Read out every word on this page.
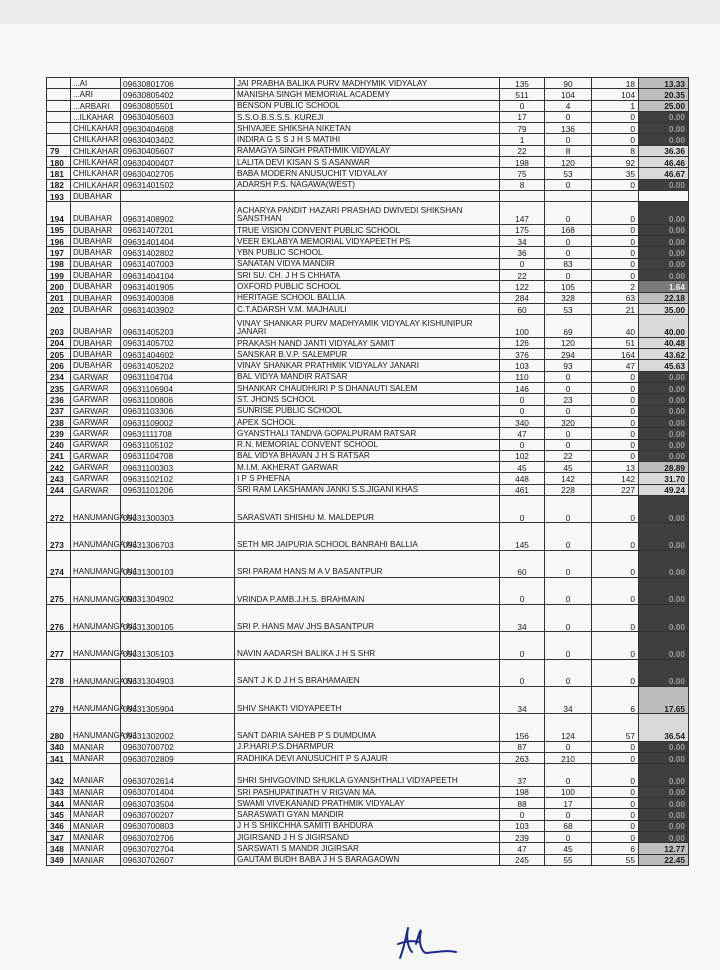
	...AI	09630801706	JAI PRABHA BALIKA PURV MADHYMIK VIDYALAY	135	90	18	13.33
	...ARI	09630805402	MANISHA SINGH MEMORIAL ACADEMY	511	104	104	20.35
	...ARBARI	09630805501	BENSON PUBLIC SCHOOL	0	4	1	25.00
	...ILKAHAR	09630405603	S.S.O.B.S.S.S. KUREJI	17	0	0	0.00
	CHILKAHAR	09630404608	SHIVAJEE SHIKSHA NIKETAN	79	136	0	0.00
	CHILKAHAR	09630403402	INDIRA G S S J H S MATIHI	1	0	0	0.00
79	CHILKAHAR	09630405607	RAMAGYA SINGH PRATHMIK VIDYALAY	22	8	8	36.36
180	CHILKAHAR	09630400407	LALITA DEVI KISAN S S ASANWAR	198	120	92	46.46
181	CHILKAHAR	09630402705	BABA MODERN ANUSUCHIT VIDYALAY	75	53	35	46.67
182	CHILKAHAR	09631401502	ADARSH P.S. NAGAWA(WEST)	8	0	0	0.00
193	DUBAHAR						
194	DUBAHAR	09631408902	ACHARYA PANDIT HAZARI PRASHAD DWIVEDI SHIKSHAN SANSTHAN	147	0	0	0.00
195	DUBAHAR	09631407201	TRUE VISION CONVENT PUBLIC SCHOOL	175	168	0	0.00
196	DUBAHAR	09631401404	VEER EKLABYA MEMORIAL VIDYAPEETH PS	34	0	0	0.00
197	DUBAHAR	09631402802	YBN PUBLIC SCHOOL	36	0	0	0.00
198	DUBAHAR	09631407003	SANATAN VIDYA MANDIR	0	83	0	0.00
199	DUBAHAR	09631404104	SRI SU. CH. J H S CHHATA	22	0	0	0.00
200	DUBAHAR	09631401905	OXFORD PUBLIC SCHOOL	122	105	2	1.64
201	DUBAHAR	09631400308	HERITAGE SCHOOL BALLIA	284	328	63	22.18
202	DUBAHAR	09631403902	C.T.ADARSH V.M. MAJHAULI	60	53	21	35.00
203	DUBAHAR	09631405203	VINAY SHANKAR PURV MADHYAMIK VIDYALAY KISHUNIPUR JANARI	100	69	40	40.00
204	DUBAHAR	09631405702	PRAKASH NAND JANTI VIDYALAY SAMIT	126	120	51	40.48
205	DUBAHAR	09631404602	SANSKAR B.V.P. SALEMPUR	376	294	164	43.62
206	DUBAHAR	09631405202	VINAY SHANKAR PRATHMIK VIDYALAY JANARI	103	93	47	45.63
234	GARWAR	09631104704	BAL VIDYA MANDIR RATSAR	110	0	0	0.00
235	GARWAR	09631106904	SHANKAR CHAUDHURI P S DHANAUTI SALEM	146	0	0	0.00
236	GARWAR	09631100806	ST. JHONS SCHOOL	0	23	0	0.00
237	GARWAR	09631103306	SUNRISE PUBLIC SCHOOL	0	0	0	0.00
238	GARWAR	09631109002	APEX SCHOOL	340	320	0	0.00
239	GARWAR	09631111708	GYANSTHALI TANDVA GOPALPURAM RATSAR	47	0	0	0.00
240	GARWAR	09631105102	R.N. MEMORIAL CONVENT SCHOOL	0	0	0	0.00
241	GARWAR	09631104708	BAL VIDYA BHAVAN J H S RATSAR	102	22	0	0.00
242	GARWAR	09631100303	M.I.M. AKHERAT GARWAR	45	45	13	28.89
243	GARWAR	09631102102	I P S PHEFNA	448	142	142	31.70
244	GARWAR	09631101206	SRI RAM LAKSHAMAN JANKI S.S.JIGANI KHAS	461	228	227	49.24
272	HANUMANGA NJ	09631300303	SARASVATI SHISHU M. MALDEPUR	0	0	0	0.00
273	HANUMANGA NJ	09631306703	SETH MR JAIPURIA SCHOOL BANRAHI BALLIA	145	0	0	0.00
274	HANUMANGA NJ	09631300103	SRI PARAM HANS M A V BASANTPUR	60	0	0	0.00
275	HANUMANGA NJ	09631304902	VRINDA P.AMB.J.H.S. BRAHMAIN	0	0	0	0.00
276	HANUMANGA NJ	09631300105	SRI P. HANS MAV JHS BASANTPUR	34	0	0	0.00
277	HANUMANGA NJ	09631305103	NAVIN AADARSH BALIKA J H S SHR	0	0	0	0.00
278	HANUMANGA NJ	09631304903	SANT J K D J H S BRAHAMAIEN	0	0	0	0.00
279	HANUMANGA NJ	09631305904	SHIV SHAKTI VIDYAPEETH	34	34	6	17.65
280	HANUMANGA NJ	09631302002	SANT DARIA SAHEB P S DUMDUMA	156	124	57	36.54
340	MANIAR	09630700702	J.P.HARI.P.S.DHARMPUR	87	0	0	0.00
341	MANIAR	09630702809	RADHIKA DEVI ANUSUCHIT P S AJAUR	263	210	0	0.00
342	MANIAR	09630702614	SHRI SHIVGOVIND SHUKLA GYANSHTHALI VIDYAPEETH	37	0	0	0.00
343	MANIAR	09630701404	SRI PASHUPATINATH V RIGVAN MA.	198	100	0	0.00
344	MANIAR	09630703504	SWAMI VIVEKANAND PRATHMIK VIDYALAY	88	17	0	0.00
345	MANIAR	09630700207	SARASWATI GYAN MANDIR	0	0	0	0.00
346	MANIAR	09630700803	J H S SHIKCHHA SAMITI BAHDURA	103	68	0	0.00
347	MANIAR	09630702706	JIGIRSAND J H S JIGIRSAND	239	0	0	0.00
348	MANIAR	09630702704	SARSWATI S MANDR JIGIRSAR	47	45	6	12.77
349	MANIAR	09630702607	GAUTAM BUDH BABA J H S BARAGAOWN	245	55	55	22.45
